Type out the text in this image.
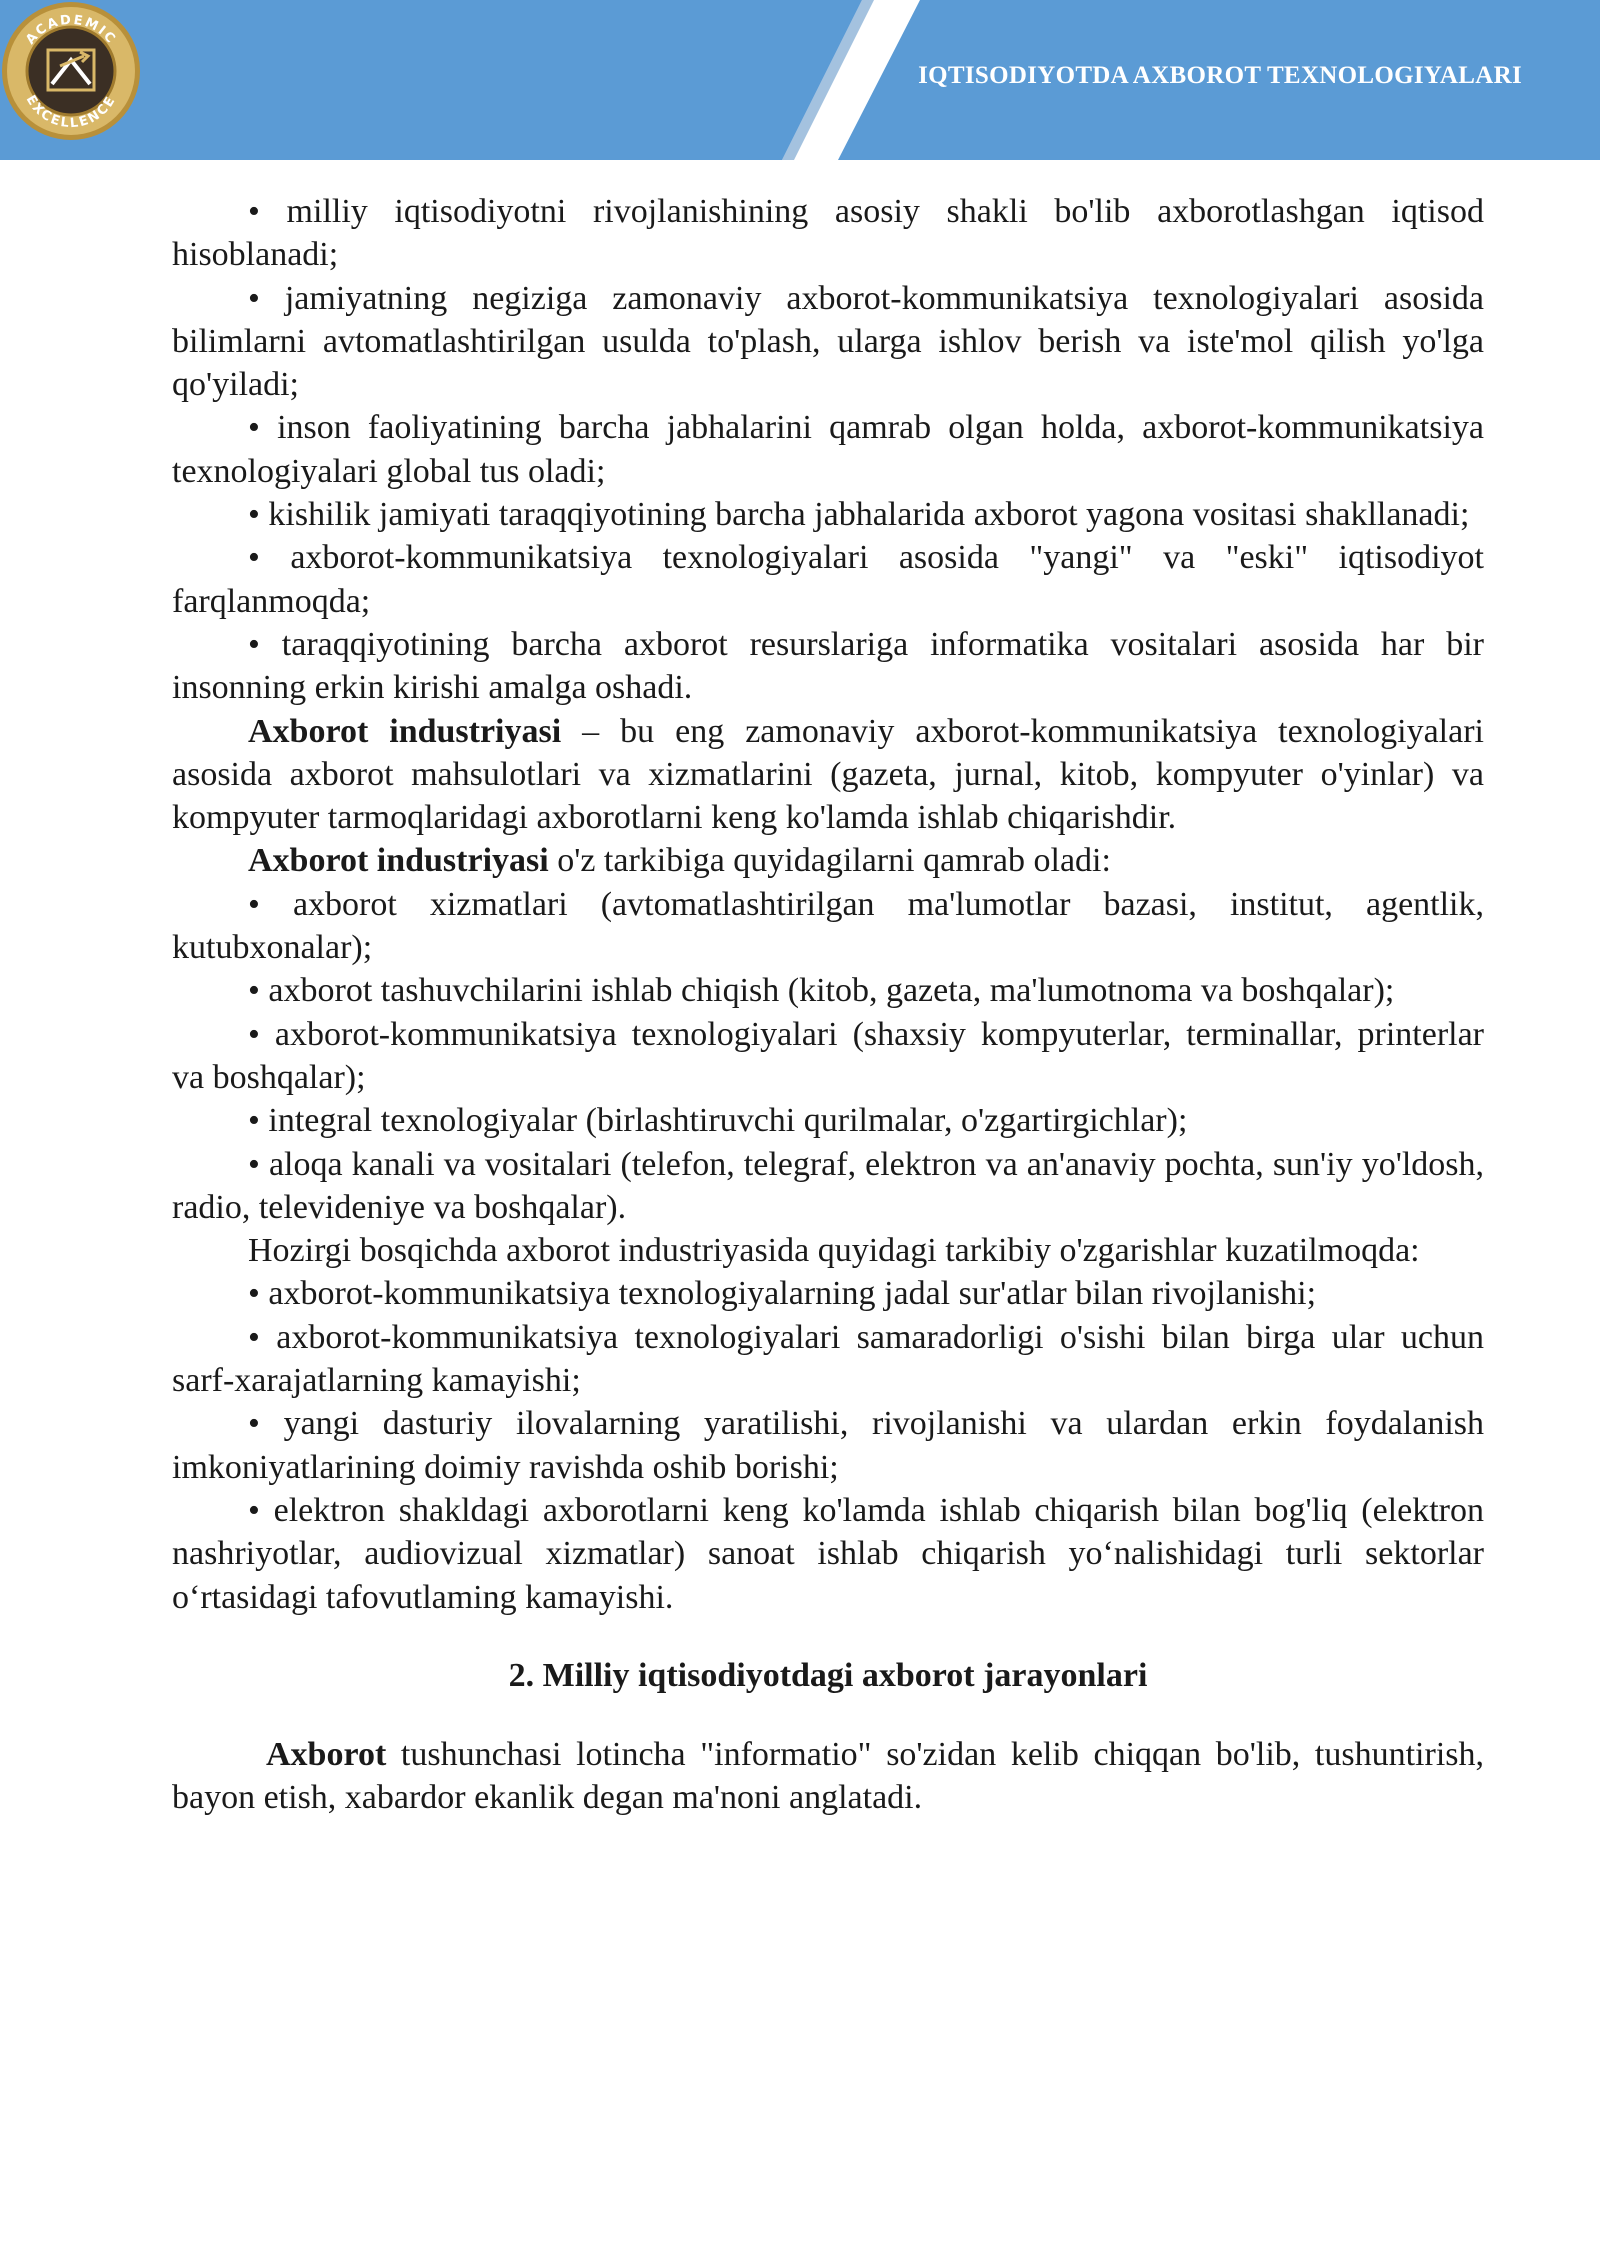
ACADEMIC
EXCELLENCE
IQTISODIYOTDA AXBOROT TEXNOLOGIYALARI

• milliy iqtisodiyotni rivojlanishining asosiy shakli bo'lib axborotlashgan iqtisod hisoblanadi;

• jamiyatning negiziga zamonaviy axborot-kommunikatsiya texnologiyalari asosida bilimlarni avtomatlashtirilgan usulda to'plash, ularga ishlov berish va iste'mol qilish yo'lga qo'yiladi;

• inson faoliyatining barcha jabhalarini qamrab olgan holda, axborot-kommunikatsiya texnologiyalari global tus oladi;

• kishilik jamiyati taraqqiyotining barcha jabhalarida axborot yagona vositasi shakllanadi;

• axborot-kommunikatsiya texnologiyalari asosida "yangi" va "eski" iqtisodiyot farqlanmoqda;

• taraqqiyotining barcha axborot resurslariga informatika vositalari asosida har bir insonning erkin kirishi amalga oshadi.

Axborot industriyasi – bu eng zamonaviy axborot-kommunikatsiya texnologiyalari asosida axborot mahsulotlari va xizmatlarini (gazeta, jurnal, kitob, kompyuter o'yinlar) va kompyuter tarmoqlaridagi axborotlarni keng ko'lamda ishlab chiqarishdir.

Axborot industriyasi o'z tarkibiga quyidagilarni qamrab oladi:

• axborot xizmatlari (avtomatlashtirilgan ma'lumotlar bazasi, institut, agentlik, kutubxonalar);

• axborot tashuvchilarini ishlab chiqish (kitob, gazeta, ma'lumotnoma va boshqalar);

• axborot-kommunikatsiya texnologiyalari (shaxsiy kompyuterlar, terminallar, printerlar va boshqalar);

• integral texnologiyalar (birlashtiruvchi qurilmalar, o'zgartirgichlar);

• aloqa kanali va vositalari (telefon, telegraf, elektron va an'anaviy pochta, sun'iy yo'ldosh, radio, televideniye va boshqalar).

Hozirgi bosqichda axborot industriyasida quyidagi tarkibiy o'zgarishlar kuzatilmoqda:

• axborot-kommunikatsiya texnologiyalarning jadal sur'atlar bilan rivojlanishi;

• axborot-kommunikatsiya texnologiyalari samaradorligi o'sishi bilan birga ular uchun sarf-xarajatlarning kamayishi;

• yangi dasturiy ilovalarning yaratilishi, rivojlanishi va ulardan erkin foydalanish imkoniyatlarining doimiy ravishda oshib borishi;

• elektron shakldagi axborotlarni keng ko'lamda ishlab chiqarish bilan bog'liq (elektron nashriyotlar, audiovizual xizmatlar) sanoat ishlab chiqarish yo‘nalishidagi turli sektorlar o‘rtasidagi tafovutlaming kamayishi.

2. Milliy iqtisodiyotdagi axborot jarayonlari

Axborot tushunchasi lotincha "informatio" so'zidan kelib chiqqan bo'lib, tushuntirish, bayon etish, xabardor ekanlik degan ma'noni anglatadi.
